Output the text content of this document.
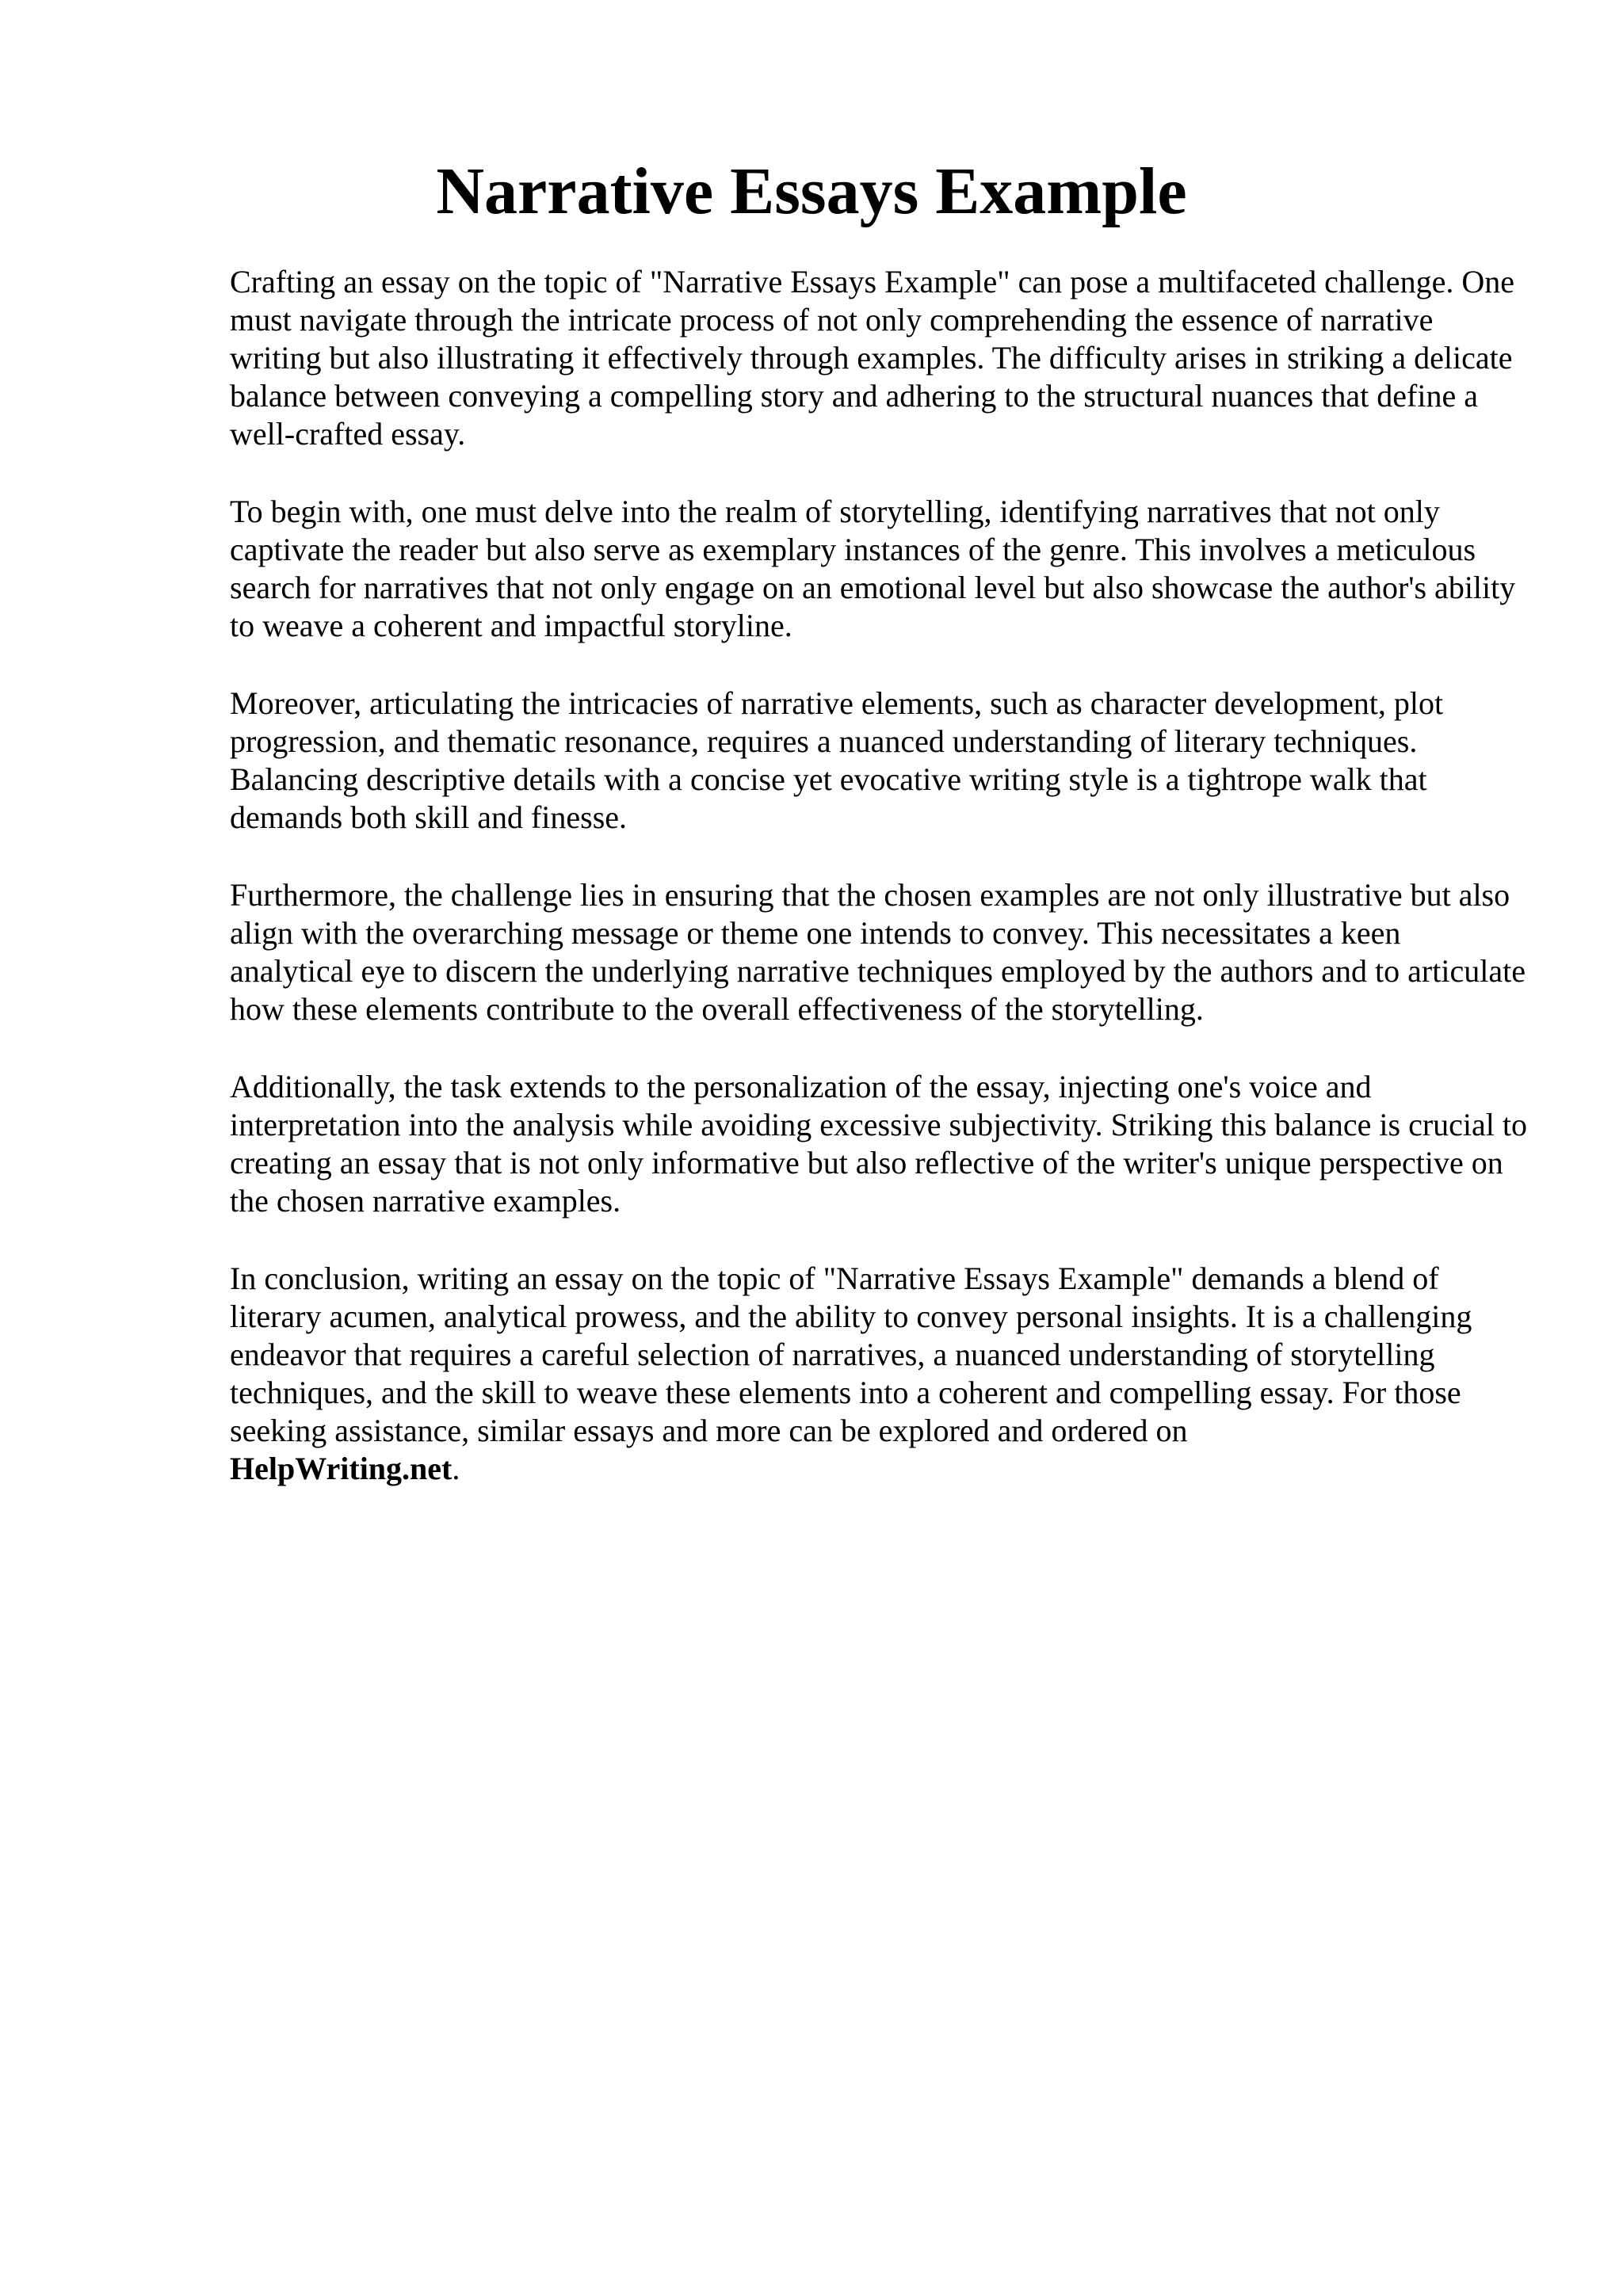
Narrative Essays Example

Crafting an essay on the topic of "Narrative Essays Example" can pose a multifaceted challenge. One must navigate through the intricate process of not only comprehending the essence of narrative writing but also illustrating it effectively through examples. The difficulty arises in striking a delicate balance between conveying a compelling story and adhering to the structural nuances that define a well-crafted essay.

To begin with, one must delve into the realm of storytelling, identifying narratives that not only captivate the reader but also serve as exemplary instances of the genre. This involves a meticulous search for narratives that not only engage on an emotional level but also showcase the author's ability to weave a coherent and impactful storyline.

Moreover, articulating the intricacies of narrative elements, such as character development, plot progression, and thematic resonance, requires a nuanced understanding of literary techniques. Balancing descriptive details with a concise yet evocative writing style is a tightrope walk that demands both skill and finesse.

Furthermore, the challenge lies in ensuring that the chosen examples are not only illustrative but also align with the overarching message or theme one intends to convey. This necessitates a keen analytical eye to discern the underlying narrative techniques employed by the authors and to articulate how these elements contribute to the overall effectiveness of the storytelling.

Additionally, the task extends to the personalization of the essay, injecting one's voice and interpretation into the analysis while avoiding excessive subjectivity. Striking this balance is crucial to creating an essay that is not only informative but also reflective of the writer's unique perspective on the chosen narrative examples.

In conclusion, writing an essay on the topic of "Narrative Essays Example" demands a blend of literary acumen, analytical prowess, and the ability to convey personal insights. It is a challenging endeavor that requires a careful selection of narratives, a nuanced understanding of storytelling techniques, and the skill to weave these elements into a coherent and compelling essay. For those seeking assistance, similar essays and more can be explored and ordered on
HelpWriting.net.
